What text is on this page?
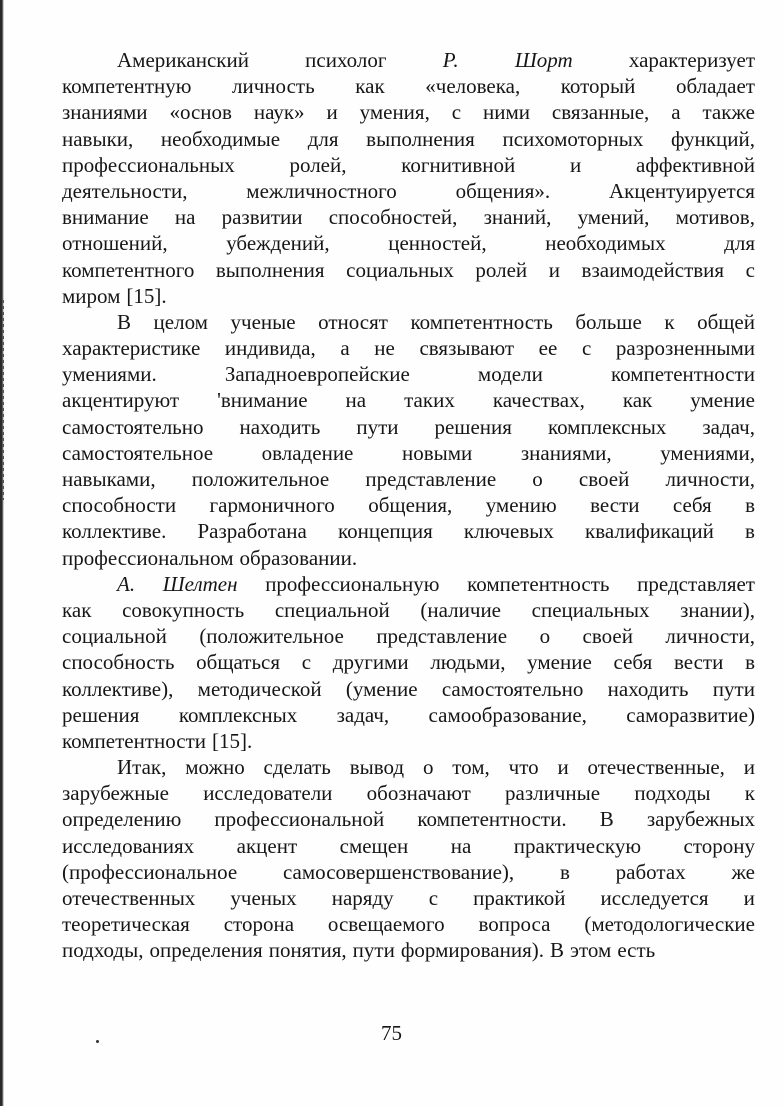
Американский	психолог	Р.	Шорт	характеризует
компетентную личность как «человека, который обладает
знаниями «основ наук» и умения, с ними связанные, а также
навыки, необходимые для выполнения психомоторных функций,
профессиональных	ролей,	когнитивной	и	аффективной
деятельности,	межличностного	общения».	Акцентуируется
внимание на развитии способностей, знаний, умений, мотивов,
отношений,	убеждений,	ценностей,	необходимых	для
компетентного выполнения социальных ролей и взаимодействия с
миром [15].
В целом ученые относят компетентность больше к общей
характеристике индивида, а не связывают ее с разрозненными
умениями.	Западноевропейские	модели	компетентности
акцентируют 'внимание на таких качествах, как умение
самостоятельно находить пути решения комплексных задач,
самостоятельное овладение новыми знаниями, умениями,
навыками, положительное представление о своей личности,
способности гармоничного общения, умению вести себя в
коллективе. Разработана концепция ключевых квалификаций в
профессиональном образовании.
А. Шелтен профессиональную компетентность представляет
как совокупность специальной (наличие специальных знании),
социальной (положительное представление о своей личности,
способность общаться с другими людьми, умение себя вести в
коллективе), методической (умение самостоятельно находить пути
решения комплексных задач, самообразование, саморазвитие)
компетентности [15].
Итак, можно сделать вывод о том, что и отечественные, и
зарубежные исследователи обозначают различные подходы к
определению профессиональной компетентности. В зарубежных
исследованиях акцент смещен на практическую сторону
(профессиональное самосовершенствование), в работах же
отечественных ученых наряду с практикой исследуется и
теоретическая сторона освещаемого вопроса (методологические
подходы, определения понятия, пути формирования). В этом есть
75
